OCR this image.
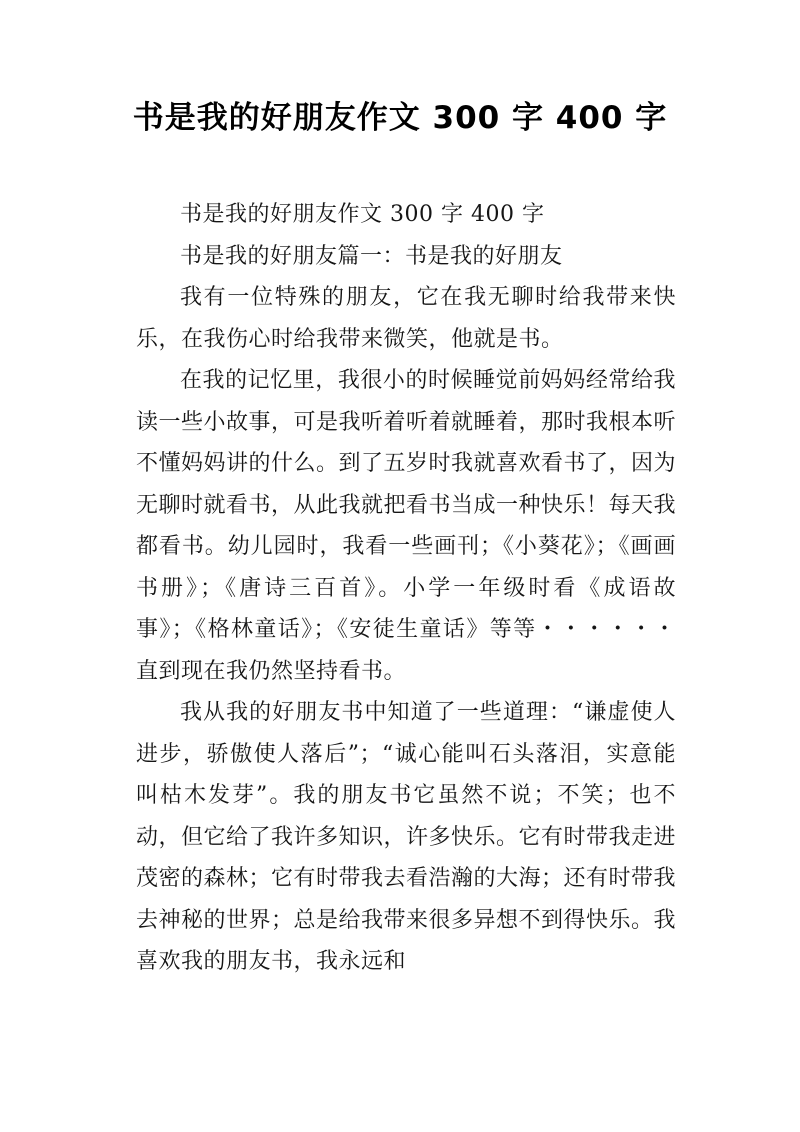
书是我的好朋友作文 300 字 400 字

书是我的好朋友作文 300 字 400 字

书是我的好朋友篇一：书是我的好朋友

我有一位特殊的朋友，它在我无聊时给我带来快乐，在我伤心时给我带来微笑，他就是书。

在我的记忆里，我很小的时候睡觉前妈妈经常给我读一些小故事，可是我听着听着就睡着，那时我根本听不懂妈妈讲的什么。到了五岁时我就喜欢看书了，因为无聊时就看书，从此我就把看书当成一种快乐！每天我都看书。幼儿园时，我看一些画刊；《小葵花》；《画画书册》；《唐诗三百首》。小学一年级时看《成语故事》；《格林童话》；《安徒生童话》等等・・・・・・直到现在我仍然坚持看书。

我从我的好朋友书中知道了一些道理：“谦虚使人进步，骄傲使人落后”；“诚心能叫石头落泪，实意能叫枯木发芽”。我的朋友书它虽然不说；不笑；也不动，但它给了我许多知识，许多快乐。它有时带我走进茂密的森林；它有时带我去看浩瀚的大海；还有时带我去神秘的世界；总是给我带来很多异想不到得快乐。我喜欢我的朋友书，我永远和
